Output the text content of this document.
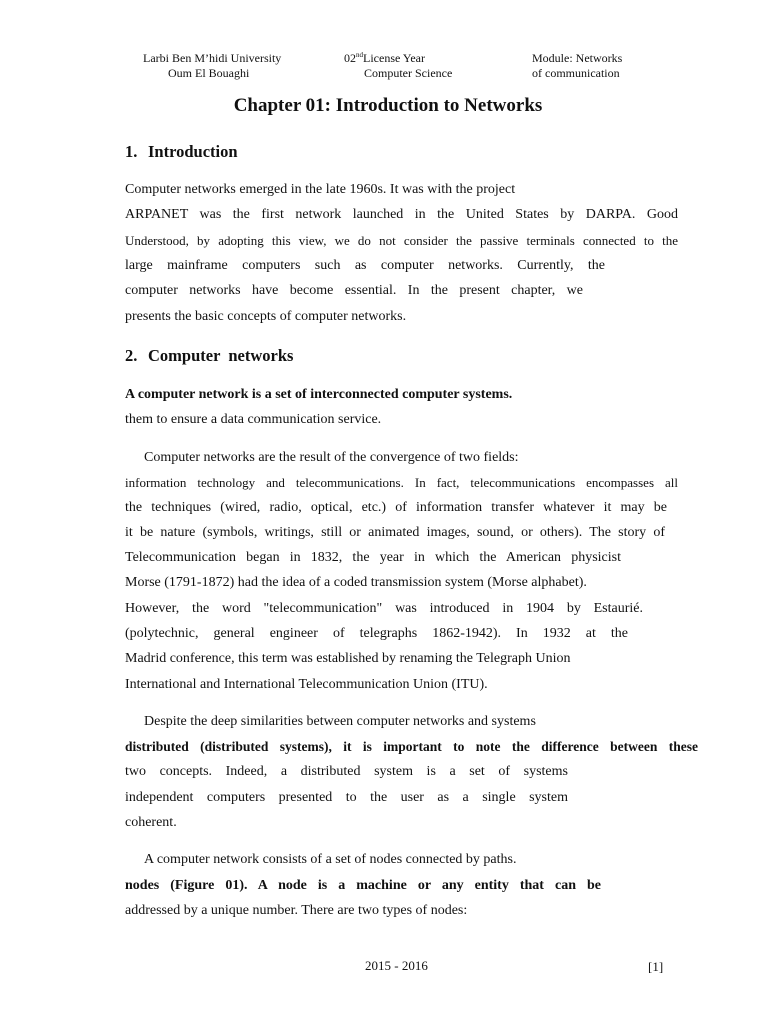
Larbi Ben M’hidi University
Oum El Bouaghi
02ndLicense Year
Computer Science
Module: Networks
of communication
Chapter 01: Introduction to Networks
1. Introduction
Computer networks emerged in the late 1960s. It was with the project
ARPANET was the first network launched in the United States by DARPA. Good
Understood, by adopting this view, we do not consider the passive terminals connected to the
large mainframe computers such as computer networks. Currently, the
computer networks have become essential. In the present chapter, we
presents the basic concepts of computer networks.
2. Computer  networks
A computer network is a set of interconnected computer systems.
them to ensure a data communication service.
Computer networks are the result of the convergence of two fields:
information technology and telecommunications. In fact, telecommunications encompasses all
the techniques (wired, radio, optical, etc.) of information transfer whatever it may be
it be nature (symbols, writings, still or animated images, sound, or others). The story of
Telecommunication began in 1832, the year in which the American physicist
Morse (1791-1872) had the idea of a coded transmission system (Morse alphabet).
However, the word "telecommunication" was introduced in 1904 by Estaurié.
(polytechnic, general engineer of telegraphs 1862-1942). In 1932 at the
Madrid conference, this term was established by renaming the Telegraph Union
International and International Telecommunication Union (ITU).
Despite the deep similarities between computer networks and systems
distributed (distributed systems), it is important to note the difference between these
two concepts. Indeed, a distributed system is a set of systems
independent computers presented to the user as a single system
coherent.
A computer network consists of a set of nodes connected by paths.
nodes (Figure 01). A node is a machine or any entity that can be
addressed by a unique number. There are two types of nodes:
2015 - 2016	[1]
